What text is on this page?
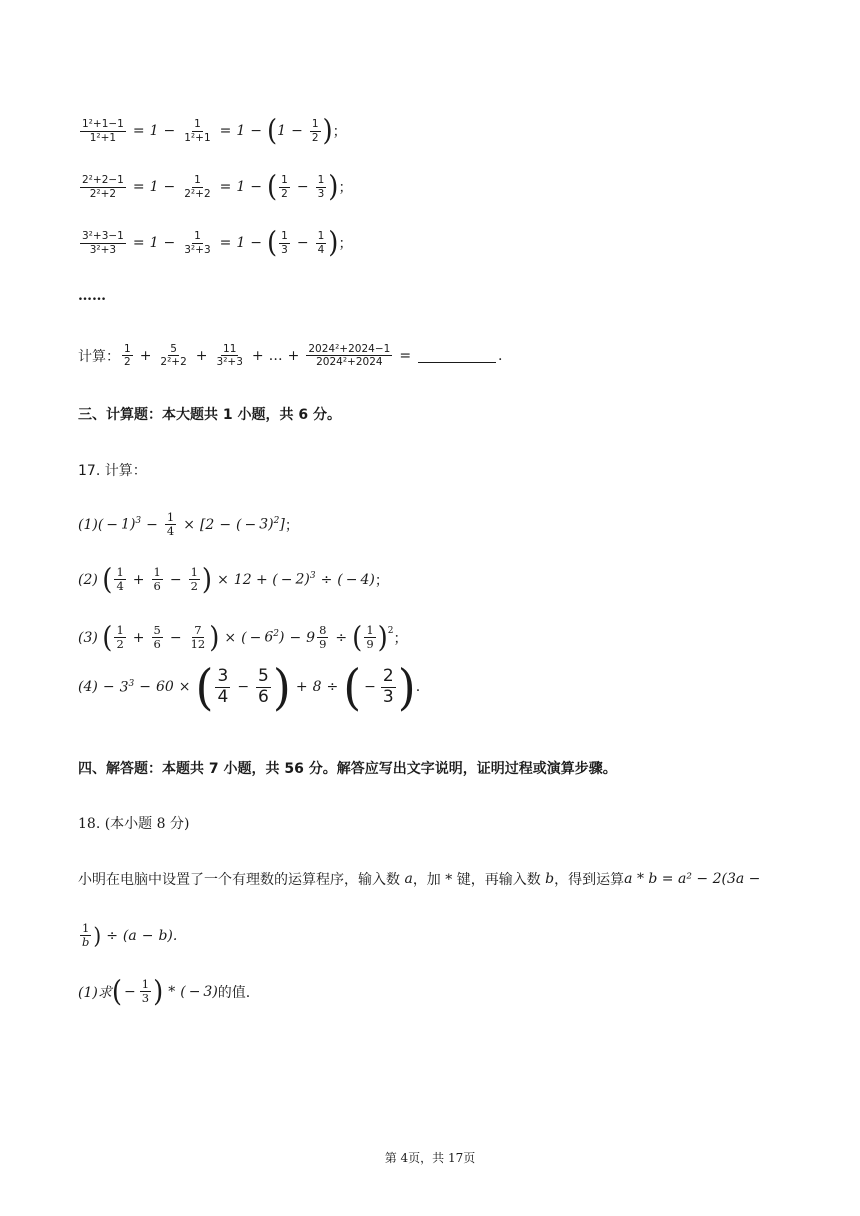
$\frac{\text{1²+1−1}}{\text{1²+1}} = 1 - \frac{1}{\text{1²+1}} = 1$ − ( $1 - \frac{1}{2}$ ) ；
$\frac{\text{2²+2−1}}{\text{2²+2}} = 1 - \frac{1}{\text{2²+2}} = 1$ − ( $\frac{1}{2} - \frac{1}{3}$ ) ；
$\frac{\text{3²+3−1}}{\text{3²+3}} = 1 - \frac{1}{\text{3²+3}} = 1$ − ( $\frac{1}{3} - \frac{1}{4}$ ) ；
……
计算： $\frac{1}{2} + \frac{5}{\text{2²+2}} + \frac{11}{\text{3²+3}}$ + … + $\frac{\text{2024²+2024−1}}{\text{2024²+2024}}$ =	.
三、计算题：本大题共 1 小题，共 6 分。
17. 计算：
$(1)( - 1)^3 - \frac{1}{4} \times [2$ − ( − 3)$^2$] ；
(2)
( $\frac{1}{4} + \frac{1}{6} - \frac{1}{2}$ ) × 12 + ( − 2)$^3$ ÷ ( − 4) ；
(3)
( $\frac{1}{2} + \frac{5}{6} - \frac{7}{12}$ ) × ( − $6^2) - 9 \frac{8}{9}$ ÷ ( $\frac{1}{9} )^2$ ；
$(4) - 3^3 - 60$ × ( $\frac{3}{4} - \frac{5}{6}$ ) + 8 ÷ ( − $\frac{2}{3}$ ) .
四、解答题：本题共 7 小题，共 56 分。解答应写出文字说明，证明过程或演算步骤。
18. (本小题 8 分)
小明在电脑中设置了一个有理数的运算程序，输入数
a ，加 * 键，再输入数
b ，得到运算 a * b = a² − 2(3a −
$\frac{1}{b}$ ) ÷ (a − b).
(1)求 ( − $\frac{1}{3}$ ) * ( − 3) 的值.
第 4页，共 17页
